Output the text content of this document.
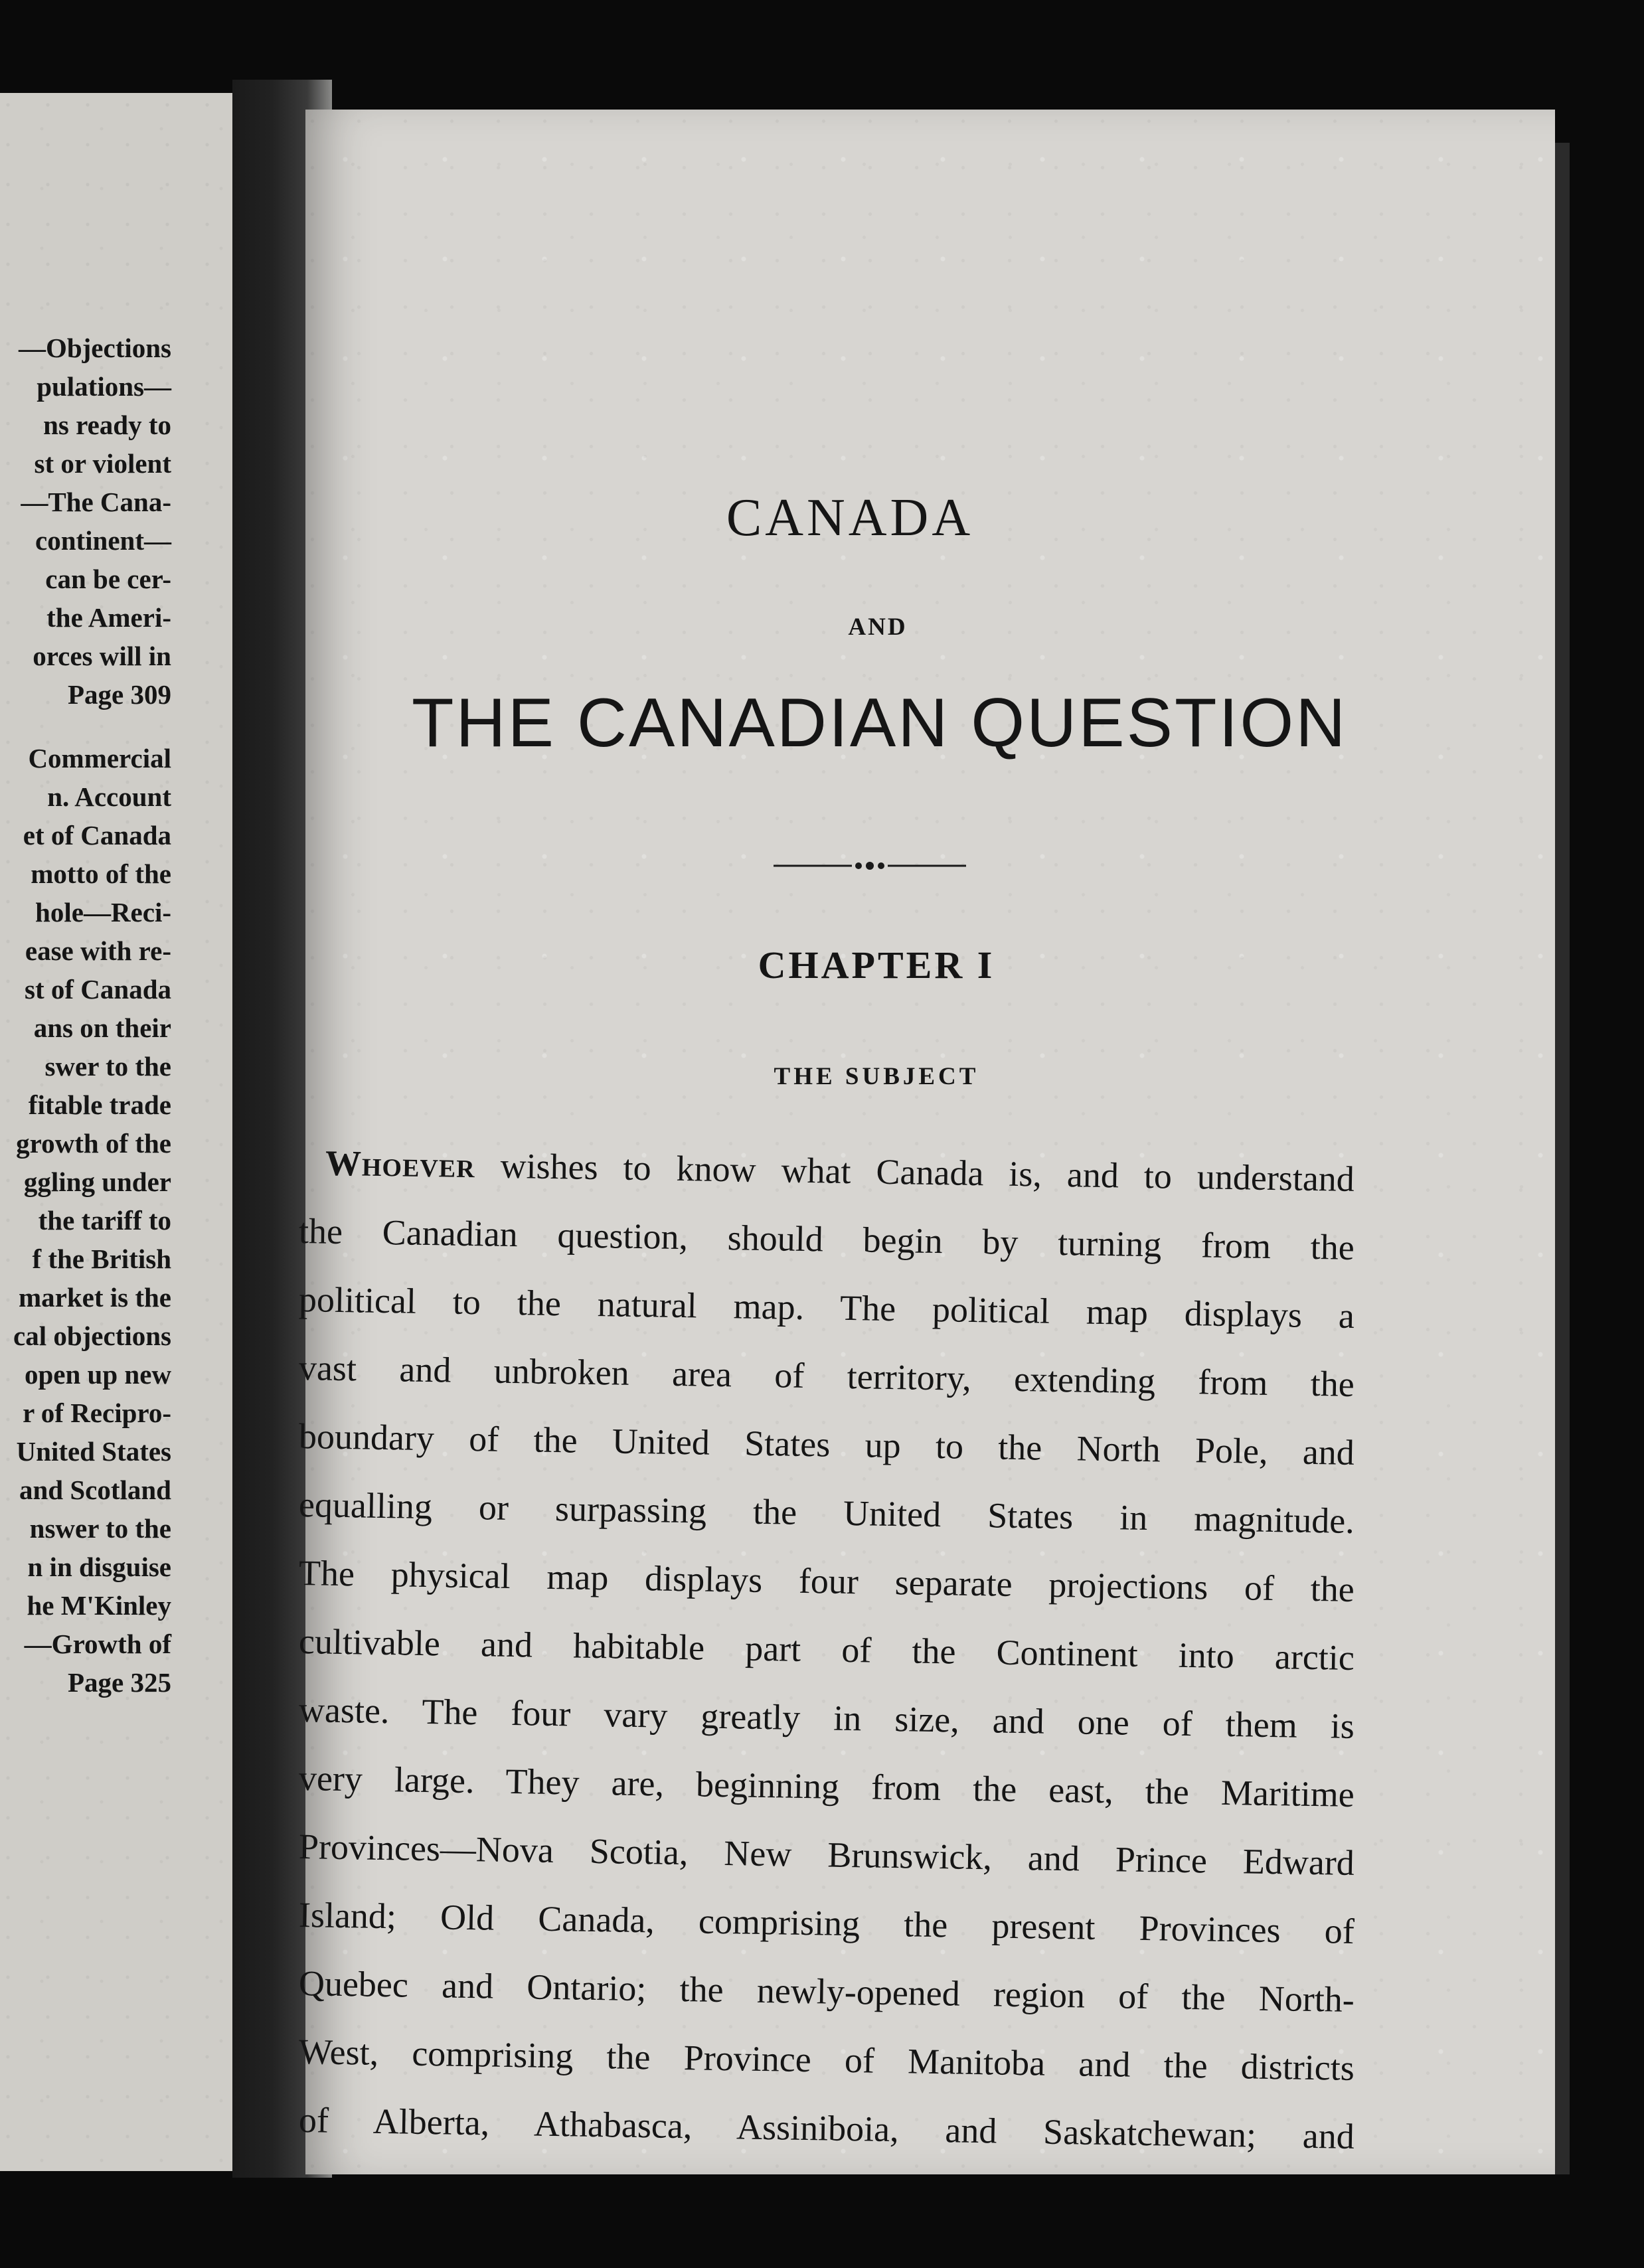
—Objections
pulations—
ns ready to
st or violent
—The Cana-
continent—
can be cer-
the Ameri-
orces will in
Page 309
Commercial
n. Account
et of Canada
motto of the
hole—Reci-
ease with re-
st of Canada
ans on their
swer to the
fitable trade
growth of the
ggling under
the tariff to
f the British
market is the
cal objections
open up new
r of Recipro-
United States
and Scotland
nswer to the
n in disguise
he M'Kinley
—Growth of
Page 325
CANADA
AND
THE CANADIAN QUESTION
CHAPTER I
THE SUBJECT
Whoever wishes to know what Canada is, and to understand
the Canadian question, should begin by turning from the
political to the natural map. The political map displays a
vast and unbroken area of territory, extending from the
boundary of the United States up to the North Pole, and
equalling or surpassing the United States in magnitude.
The physical map displays four separate projections of the
cultivable and habitable part of the Continent into arctic
waste. The four vary greatly in size, and one of them is
very large. They are, beginning from the east, the Maritime
Provinces—Nova Scotia, New Brunswick, and Prince Edward
Island; Old Canada, comprising the present Provinces of
Quebec and Ontario; the newly-opened region of the North-
West, comprising the Province of Manitoba and the districts
of Alberta, Athabasca, Assiniboia, and Saskatchewan; and
